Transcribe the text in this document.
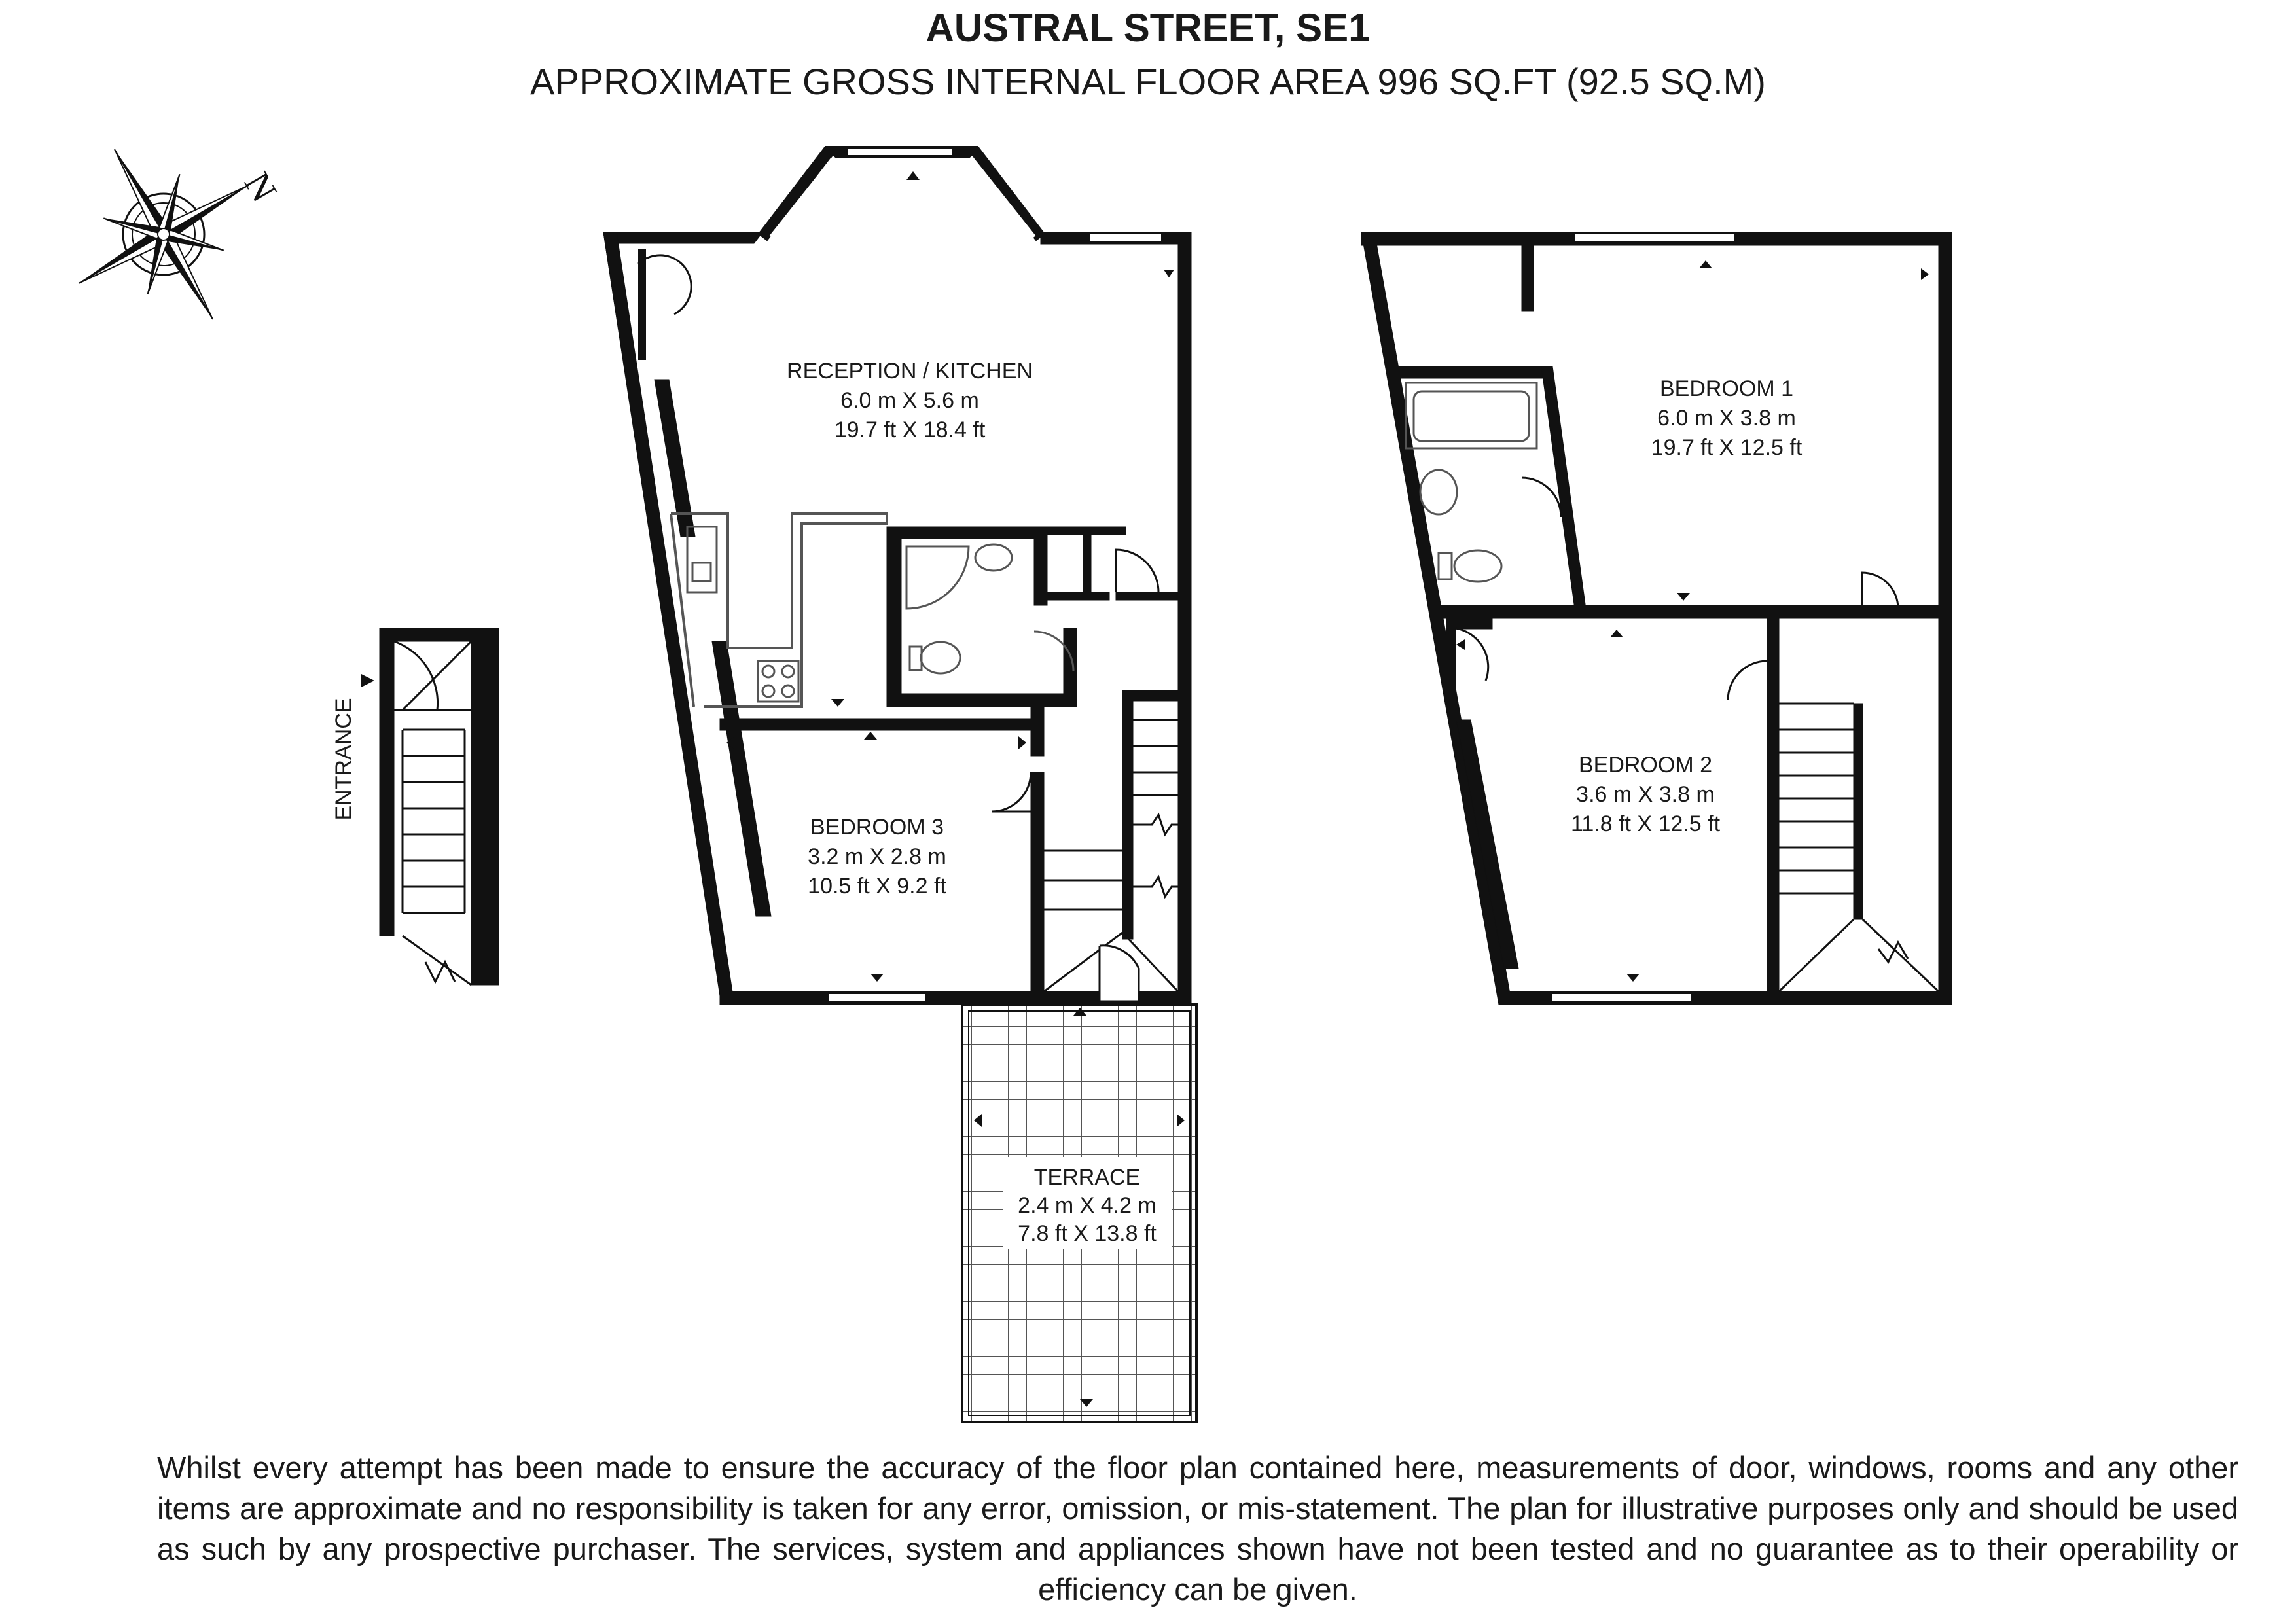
AUSTRAL STREET, SE1

APPROXIMATE GROSS INTERNAL FLOOR AREA 996 SQ.FT (92.5 SQ.M)

N
ENTRANCE
RECEPTION / KITCHEN
6.0 m X 5.6 m
19.7 ft X 18.4 ft
BEDROOM 3
3.2 m X 2.8 m
10.5 ft X 9.2 ft
TERRACE
2.4 m X 4.2 m
7.8 ft X 13.8 ft
BEDROOM 1
6.0 m X 3.8 m
19.7 ft X 12.5 ft
BEDROOM 2
3.6 m X 3.8 m
11.8 ft X 12.5 ft

Whilst every attempt has been made to ensure the accuracy of the floor plan contained here, measurements of door, windows, rooms and any other items are approximate and no responsibility is taken for any error, omission, or mis-statement. The plan for illustrative purposes only and should be used as such by any prospective purchaser. The services, system and appliances shown have not been tested and no guarantee as to their operability or efficiency can be given.
